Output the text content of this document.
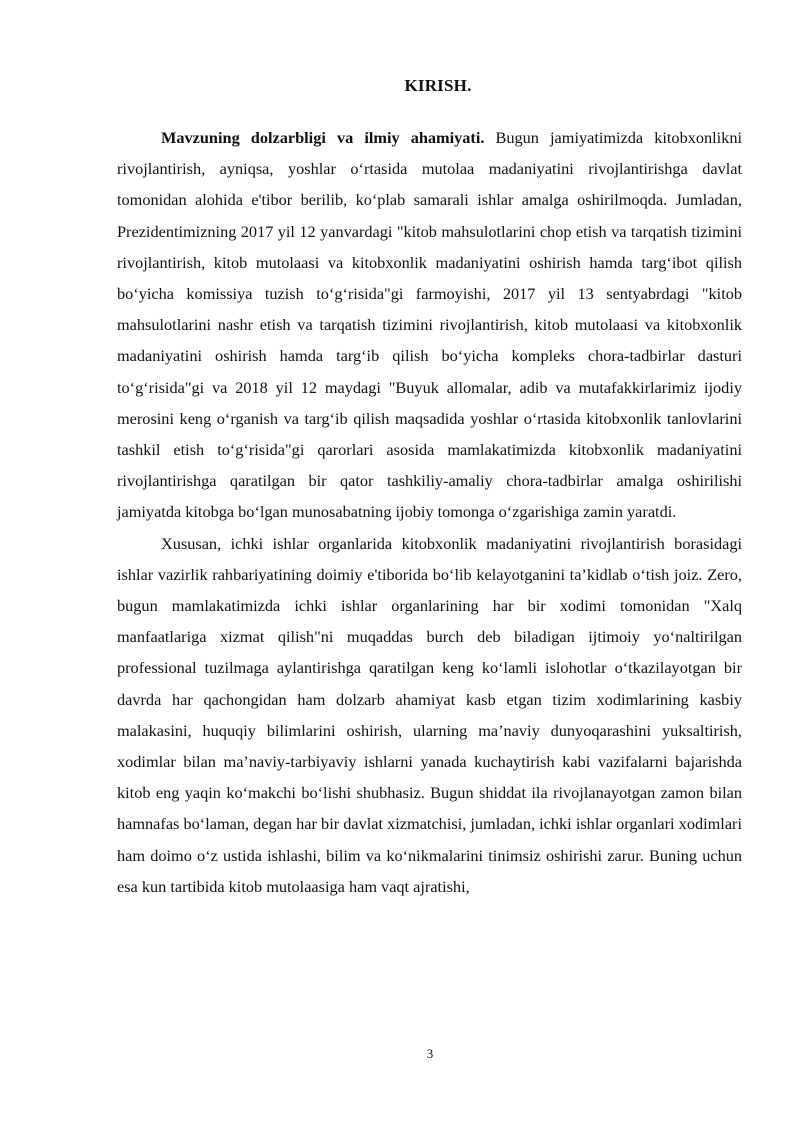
KIRISH.

Mavzuning dolzarbligi va ilmiy ahamiyati. Bugun jamiyatimizda kitobxonlikni rivojlantirish, ayniqsa, yoshlar o‘rtasida mutolaa madaniyatini rivojlantirishga davlat tomonidan alohida e'tibor berilib, ko‘plab samarali ishlar amalga oshirilmoqda. Jumladan, Prezidentimizning 2017 yil 12 yanvardagi "kitob mahsulotlarini chop etish va tarqatish tizimini rivojlantirish, kitob mutolaasi va kitobxonlik madaniyatini oshirish hamda targ‘ibot qilish bo‘yicha komissiya tuzish to‘g‘risida"gi farmoyishi, 2017 yil 13 sentyabrdagi "kitob mahsulotlarini nashr etish va tarqatish tizimini rivojlantirish, kitob mutolaasi va kitobxonlik madaniyatini oshirish hamda targ‘ib qilish bo‘yicha kompleks chora-tadbirlar dasturi to‘g‘risida"gi va 2018 yil 12 maydagi "Buyuk allomalar, adib va mutafakkirlarimiz ijodiy merosini keng o‘rganish va targ‘ib qilish maqsadida yoshlar o‘rtasida kitobxonlik tanlovlarini tashkil etish to‘g‘risida"gi qarorlari asosida mamlakatimizda kitobxonlik madaniyatini rivojlantirishga qaratilgan bir qator tashkiliy-amaliy chora-tadbirlar amalga oshirilishi jamiyatda kitobga bo‘lgan munosabatning ijobiy tomonga o‘zgarishiga zamin yaratdi.

Xususan, ichki ishlar organlarida kitobxonlik madaniyatini rivojlantirish borasidagi ishlar vazirlik rahbariyatining doimiy e'tiborida bo‘lib kelayotganini ta’kidlab o‘tish joiz. Zero, bugun mamlakatimizda ichki ishlar organlarining har bir xodimi tomonidan "Xalq manfaatlariga xizmat qilish"ni muqaddas burch deb biladigan ijtimoiy yo‘naltirilgan professional tuzilmaga aylantirishga qaratilgan keng ko‘lamli islohotlar o‘tkazilayotgan bir davrda har qachongidan ham dolzarb ahamiyat kasb etgan tizim xodimlarining kasbiy malakasini, huquqiy bilimlarini oshirish, ularning ma’naviy dunyoqarashini yuksaltirish, xodimlar bilan ma’naviy-tarbiyaviy ishlarni yanada kuchaytirish kabi vazifalarni bajarishda kitob eng yaqin ko‘makchi bo‘lishi shubhasiz. Bugun shiddat ila rivojlanayotgan zamon bilan hamnafas bo‘laman, degan har bir davlat xizmatchisi, jumladan, ichki ishlar organlari xodimlari ham doimo o‘z ustida ishlashi, bilim va ko‘nikmalarini tinimsiz oshirishi zarur. Buning uchun esa kun tartibida kitob mutolaasiga ham vaqt ajratishi,

3
